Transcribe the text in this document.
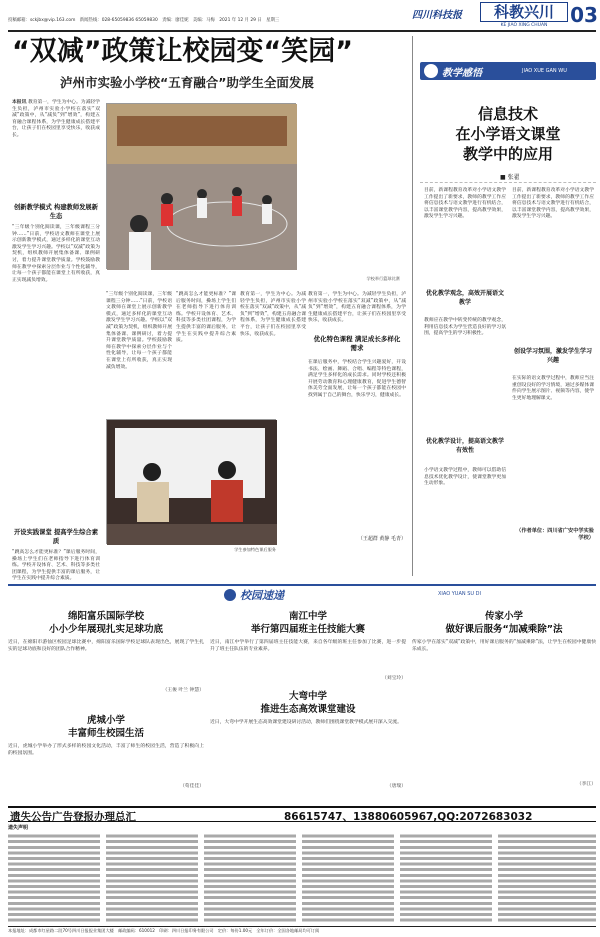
投稿邮箱：sckjbx@vip.163.com　新闻热线：028-65059836 65059830　责编：廖佳妮　美编：马梅　2021 年 12 月 29 日　星期三	四川科技报	科教兴川
KE JIAO XING CHUAN	03
“双减”政策让校园变“笑园”
泸州市实验小学校“五育融合”助学生全面发展
本报讯 教育第一，学生为中心。为减轻学生负担，泸州市实验小学校在落实“双减”政策中，从“减负”到“增效”，构建五育融合课程体系，为学生健康成长搭建平台，让孩子们在校园里享受快乐，收获成长。
创新教学模式 构建教师发展新生态
“三年级个别化阅读课，三年级课程三分钟……”日前，学校语文教师在课堂上展示创新教学模式，通过多样化的课堂互动激发学生学习兴趣。学校以“双减”政策为契机，组织教师开展集体备课、课例研讨，着力提升课堂教学质量。学校鼓励教师在教学中探索分层作业与个性化辅导，让每一个孩子都能在课堂上有所收获，真正实现减负增效。
开设实践课堂 提高学生综合素质
“跳高怎么才能更标准？”课后服务时间，操场上学生们在老师指导下进行体育训练。学校开设体育、艺术、科技等多类社团课程，为学生提供丰富的课后服务，让学生在实践中提升综合素质。
学校举行篮球比赛
“三年级个别化阅读课，三年级课程三分钟……”日前，学校语文教师在课堂上展示创新教学模式，通过多样化的课堂互动激发学生学习兴趣。学校以“双减”政策为契机，组织教师开展集体备课、课例研讨，着力提升课堂教学质量。学校鼓励教师在教学中探索分层作业与个性化辅导，让每一个孩子都能在课堂上有所收获，真正实现减负增效。
“跳高怎么才能更标准？”课后服务时间，操场上学生们在老师指导下进行体育训练。学校开设体育、艺术、科技等多类社团课程，为学生提供丰富的课后服务，让学生在实践中提升综合素质。
教育第一，学生为中心。为减轻学生负担，泸州市实验小学校在落实“双减”政策中，从“减负”到“增效”，构建五育融合课程体系，为学生健康成长搭建平台，让孩子们在校园里享受快乐，收获成长。
学生参加特色课后服务
优化特色课程 满足成长多样化需求
在课后服务中，学校结合学生兴趣爱好，开设书法、绘画、舞蹈、合唱、编程等特色课程，满足学生多样化的成长需求。同时学校还积极开展劳动教育和心理健康教育，促进学生德智体美劳全面发展，让每一个孩子都能在校园中找到属于自己的舞台，快乐学习，健康成长。
教育第一，学生为中心。为减轻学生负担，泸州市实验小学校在落实“双减”政策中，从“减负”到“增效”，构建五育融合课程体系，为学生健康成长搭建平台，让孩子们在校园里享受快乐，收获成长。
（王超群 黄静 毛青）
教学感悟	JIAO XUE GAN WU
信息技术
在小学语文课堂
教学中的应用
■ 张翟
目前，新课程教育改革对小学语文教学工作提出了新要求，教师的教学工作应将信息技术与语文教学进行有机结合，以丰富课堂教学内容，提高教学效果，激发学生学习兴趣。
优化教学观念，高效开展语文教学
教师应在教学中转变传统的教学观念，利用信息技术为学生营造良好的学习氛围，提高学生的学习积极性。
优化教学设计，提高语文教学有效性
小学语文教学过程中，教师可以借助信息技术优化教学设计，使课堂教学更加生动形象。
目前，新课程教育改革对小学语文教学工作提出了新要求，教师的教学工作应将信息技术与语文教学进行有机结合，以丰富课堂教学内容，提高教学效果，激发学生学习兴趣。
创设学习氛围，激发学生学习兴趣
在实际的语文教学过程中，教师应当注重创设良好的学习情境，通过多媒体课件向学生展示图片、视频等内容，使学生更好地理解课文。
（作者单位：四川省广安中学实验学校）
校园速递	XIAO YUAN SU DI
绵阳富乐国际学校
小小少年展现扎实足球功底
近日，在绵阳市游仙区校园足球比赛中，绵阳富乐国际学校足球队表现出色，展现了学生扎实的足球功底和良好的团队合作精神。
（王俊 叶兰 钟慧）
虎城小学
丰富师生校园生活
近日，虎城小学举办了形式多样的校园文化活动，丰富了师生的校园生活，营造了积极向上的校园氛围。
（苟佳佳）
南江中学
举行第四届班主任技能大赛
近日，南江中学举行了第四届班主任技能大赛，来自各年级的班主任参加了比赛，进一步提升了班主任队伍的专业素养。
（刘宝玲）
大弯中学
推进生态高效课堂建设
近日，大弯中学开展生态高效课堂建设研讨活动，教师们围绕课堂教学模式展开深入交流。
（唐瑞）
传家小学
做好课后服务“加减乘除”法
传家小学在落实“双减”政策中，用好课后服务的“加减乘除”法，让学生在校园中健康快乐成长。
（李江）
遗失公告广告登报办理总汇	86615747、13880605967,QQ:2072683032
遗失声明
本报地址：成都市红星路二段70号四川日报报业集团大楼　邮政编码：610012　印刷：四川日报印务有限公司　定价：每份1.00元　全年订价：全国各地邮局均可订阅
